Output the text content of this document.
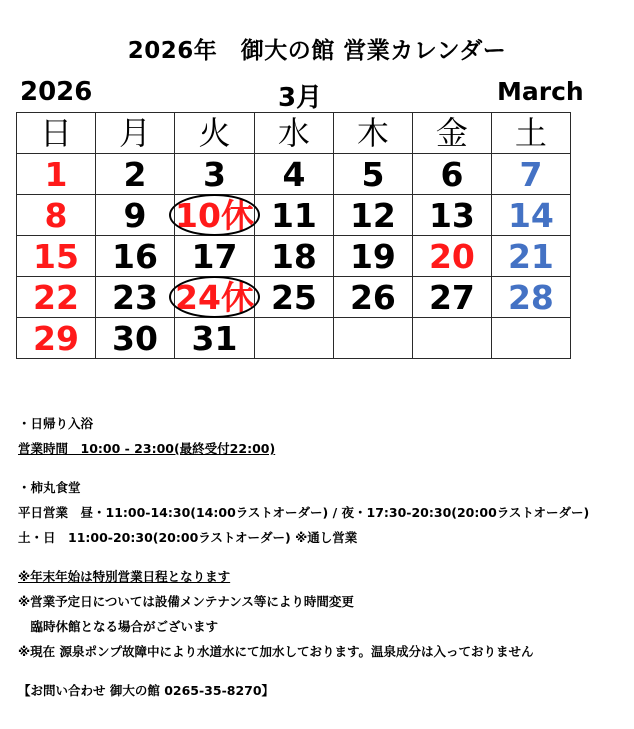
2026年　御大の館 営業カレンダー
2026	3月	March
日	月	火	水	木	金	土
1	2	3	4	5	6	7
8	9	10休	11	12	13	14
15	16	17	18	19	20	21
22	23	24休	25	26	27	28
29	30	31				
・日帰り入浴
営業時間　10:00 - 23:00(最終受付22:00)
・柿丸食堂
平日営業　昼・11:00-14:30(14:00ラストオーダー) / 夜・17:30-20:30(20:00ラストオーダー)
土・日　11:00-20:30(20:00ラストオーダー) ※通し営業
※年末年始は特別営業日程となります
※営業予定日については設備メンテナンス等により時間変更
　臨時休館となる場合がございます
※現在 源泉ポンプ故障中により水道水にて加水しております。温泉成分は入っておりません
【お問い合わせ 御大の館 0265-35-8270】
